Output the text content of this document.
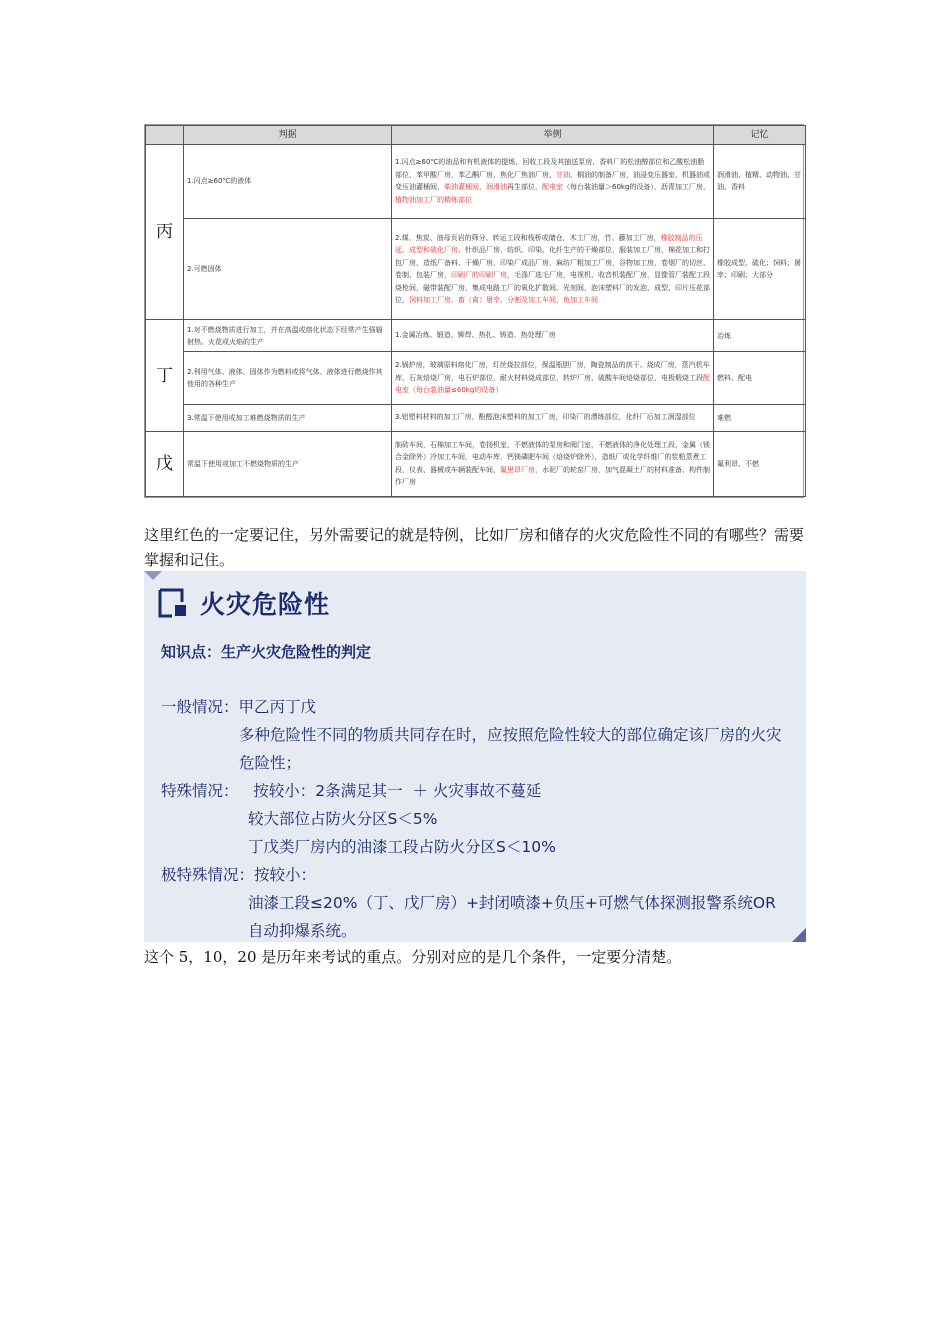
	判据	举例	记忆
丙	1.闪点≥60℃的液体	1.闪点≥60℃的油品和有机液体的提炼、回收工段及其抽送泵房，香料厂的松油醇部位和乙酸松油脂部位，苯甲酸厂房，苯乙酮厂房，焦化厂焦油厂房，甘油、桐油的制备厂房，油浸变压器室，机器油或变压油灌桶间，柴油灌桶间，润滑油再生部位，配电室（每台装油量＞60kg的设备），沥青加工厂房，植物油加工厂的精炼部位	润滑油、植精、动物油、甘油、香料
	2.可燃固体	2.煤、焦炭、油母页岩的筛分、转运工段和栈桥或储仓，木工厂房，竹、藤加工厂房，橡胶制品的压延、成型和硫化厂房，针织品厂房，纺织、印染、化纤生产的干燥部位，服装加工厂房，棉花加工和打包厂房，造纸厂备料、干燥厂房，印染厂成品厂房，麻纺厂粗加工厂房，谷物加工房，卷烟厂的切丝、卷制、包装厂房，印刷厂的印刷厂房，毛涤厂选毛厂房，电视机、收音机装配厂房，显像管厂装配工段烧枪间，磁带装配厂房，集成电路工厂的氧化扩散间、光刻间，泡沫塑料厂的发泡、成型、印片压花部位，饲料加工厂房，畜（禽）屠宰、分割及加工车间、鱼加工车间	橡胶成型、硫化；饲料；屠宰；印刷；大部分
丁	1.对不燃烧物质进行加工，并在高温或熔化状态下经常产生强辐射热、火花或火焰的生产	1.金属冶炼、锻造、铆焊、热扎、铸造、热处理厂房	冶炼
	2.利用气体、液体、固体作为燃料或将气体、液体进行燃烧作其他用的各种生产	2.锅炉房，玻璃原料熔化厂房，灯丝烧拉部位，保温瓶胆厂房，陶瓷制品的烘干、烧成厂房，蒸汽机车库，石灰焙烧厂房，电石炉部位，耐火材料烧成部位，转炉厂房，硫酸车间焙烧部位，电极煅烧工段配电室（每台装油量≤60kg的设备）	燃料、配电
	3.常温下使用或加工难燃烧物质的生产	3.铝塑料材料的加工厂房，酚醛泡沫塑料的加工厂房，印染厂的漂练部位，化纤厂后加工润湿部位	难燃
戊	常温下使用或加工不燃烧物质的生产	制砖车间，石棉加工车间，卷扬机室，不燃液体的泵房和阀门室，不燃液体的净化处理工段，金属（镁合金除外）冷加工车间，电动车库，钙镁磷肥车间（焙烧炉除外），造纸厂或化学纤维厂的浆粕蒸煮工段，仪表、器械或车辆装配车间，氟里昂厂房，水泥厂的轮窑厂房，加气混凝土厂的材料准备、构件制作厂房	氟利昂、不燃

这里红色的一定要记住，另外需要记的就是特例，比如厂房和储存的火灾危险性不同的有哪些？需要掌握和记住。

火灾危险性
知识点：生产火灾危险性的判定
一般情况：甲乙丙丁戊
多种危险性不同的物质共同存在时，应按照危险性较大的部位确定该厂房的火灾
危险性；
特殊情况：   按较小：2条满足其一  ＋ 火灾事故不蔓延
较大部位占防火分区S＜5%
丁戊类厂房内的油漆工段占防火分区S＜10%
极特殊情况：按较小：
油漆工段≤20%（丁、戊厂房）+封闭喷漆+负压+可燃气体探测报警系统OR
自动抑爆系统。

这个 5，10，20 是历年来考试的重点。分别对应的是几个条件，一定要分清楚。
